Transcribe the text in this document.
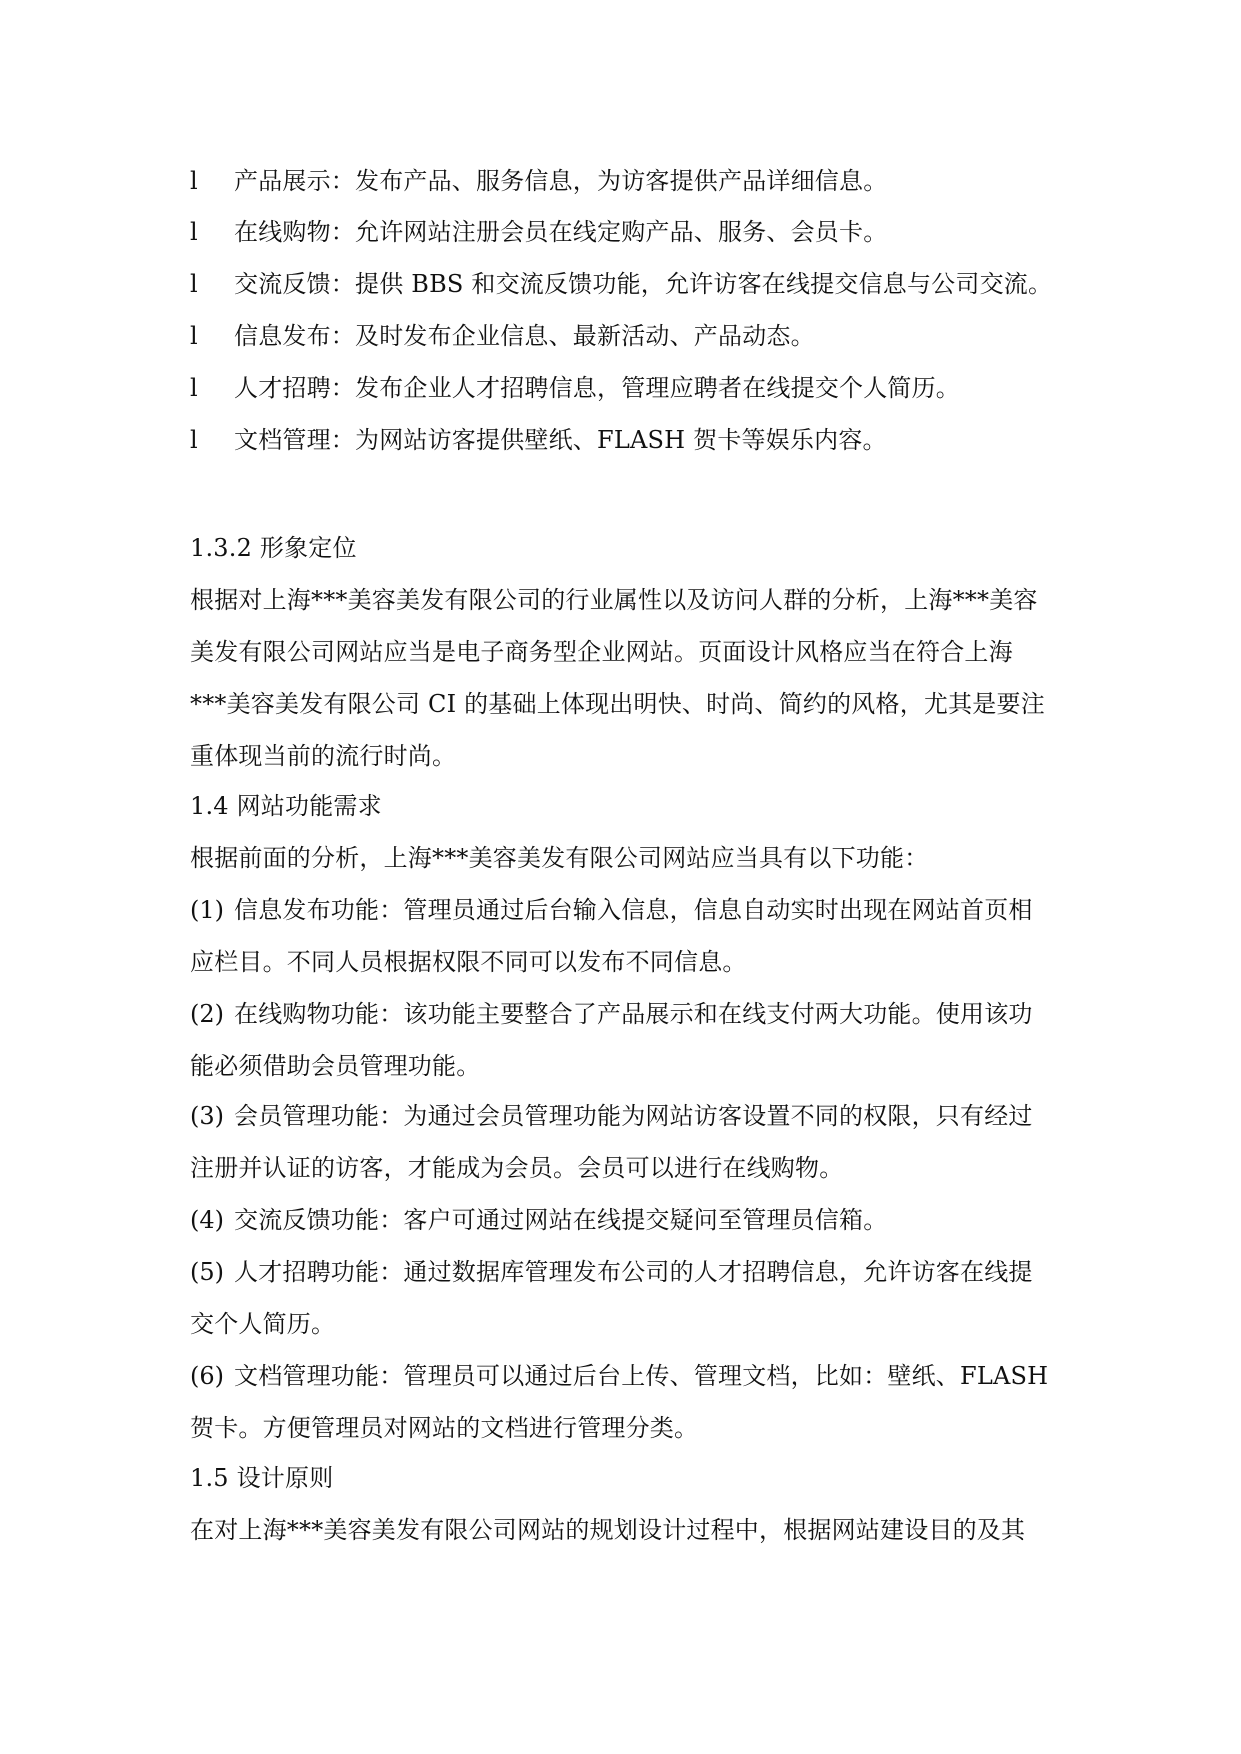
l	产品展示：发布产品、服务信息，为访客提供产品详细信息。
l	在线购物：允许网站注册会员在线定购产品、服务、会员卡。
l	交流反馈：提供 BBS 和交流反馈功能，允许访客在线提交信息与公司交流。
l	信息发布：及时发布企业信息、最新活动、产品动态。
l	人才招聘：发布企业人才招聘信息，管理应聘者在线提交个人简历。
l	文档管理：为网站访客提供壁纸、FLASH 贺卡等娱乐内容。
1.3.2 形象定位
根据对上海***美容美发有限公司的行业属性以及访问人群的分析，上海***美容
美发有限公司网站应当是电子商务型企业网站。页面设计风格应当在符合上海
***美容美发有限公司 CI 的基础上体现出明快、时尚、简约的风格，尤其是要注
重体现当前的流行时尚。
1.4 网站功能需求
根据前面的分析，上海***美容美发有限公司网站应当具有以下功能：
(1) 信息发布功能：管理员通过后台输入信息，信息自动实时出现在网站首页相
应栏目。不同人员根据权限不同可以发布不同信息。
(2) 在线购物功能：该功能主要整合了产品展示和在线支付两大功能。使用该功
能必须借助会员管理功能。
(3) 会员管理功能：为通过会员管理功能为网站访客设置不同的权限，只有经过
注册并认证的访客，才能成为会员。会员可以进行在线购物。
(4) 交流反馈功能：客户可通过网站在线提交疑问至管理员信箱。
(5) 人才招聘功能：通过数据库管理发布公司的人才招聘信息，允许访客在线提
交个人简历。
(6) 文档管理功能：管理员可以通过后台上传、管理文档，比如：壁纸、FLASH
贺卡。方便管理员对网站的文档进行管理分类。
1.5 设计原则
在对上海***美容美发有限公司网站的规划设计过程中，根据网站建设目的及其
